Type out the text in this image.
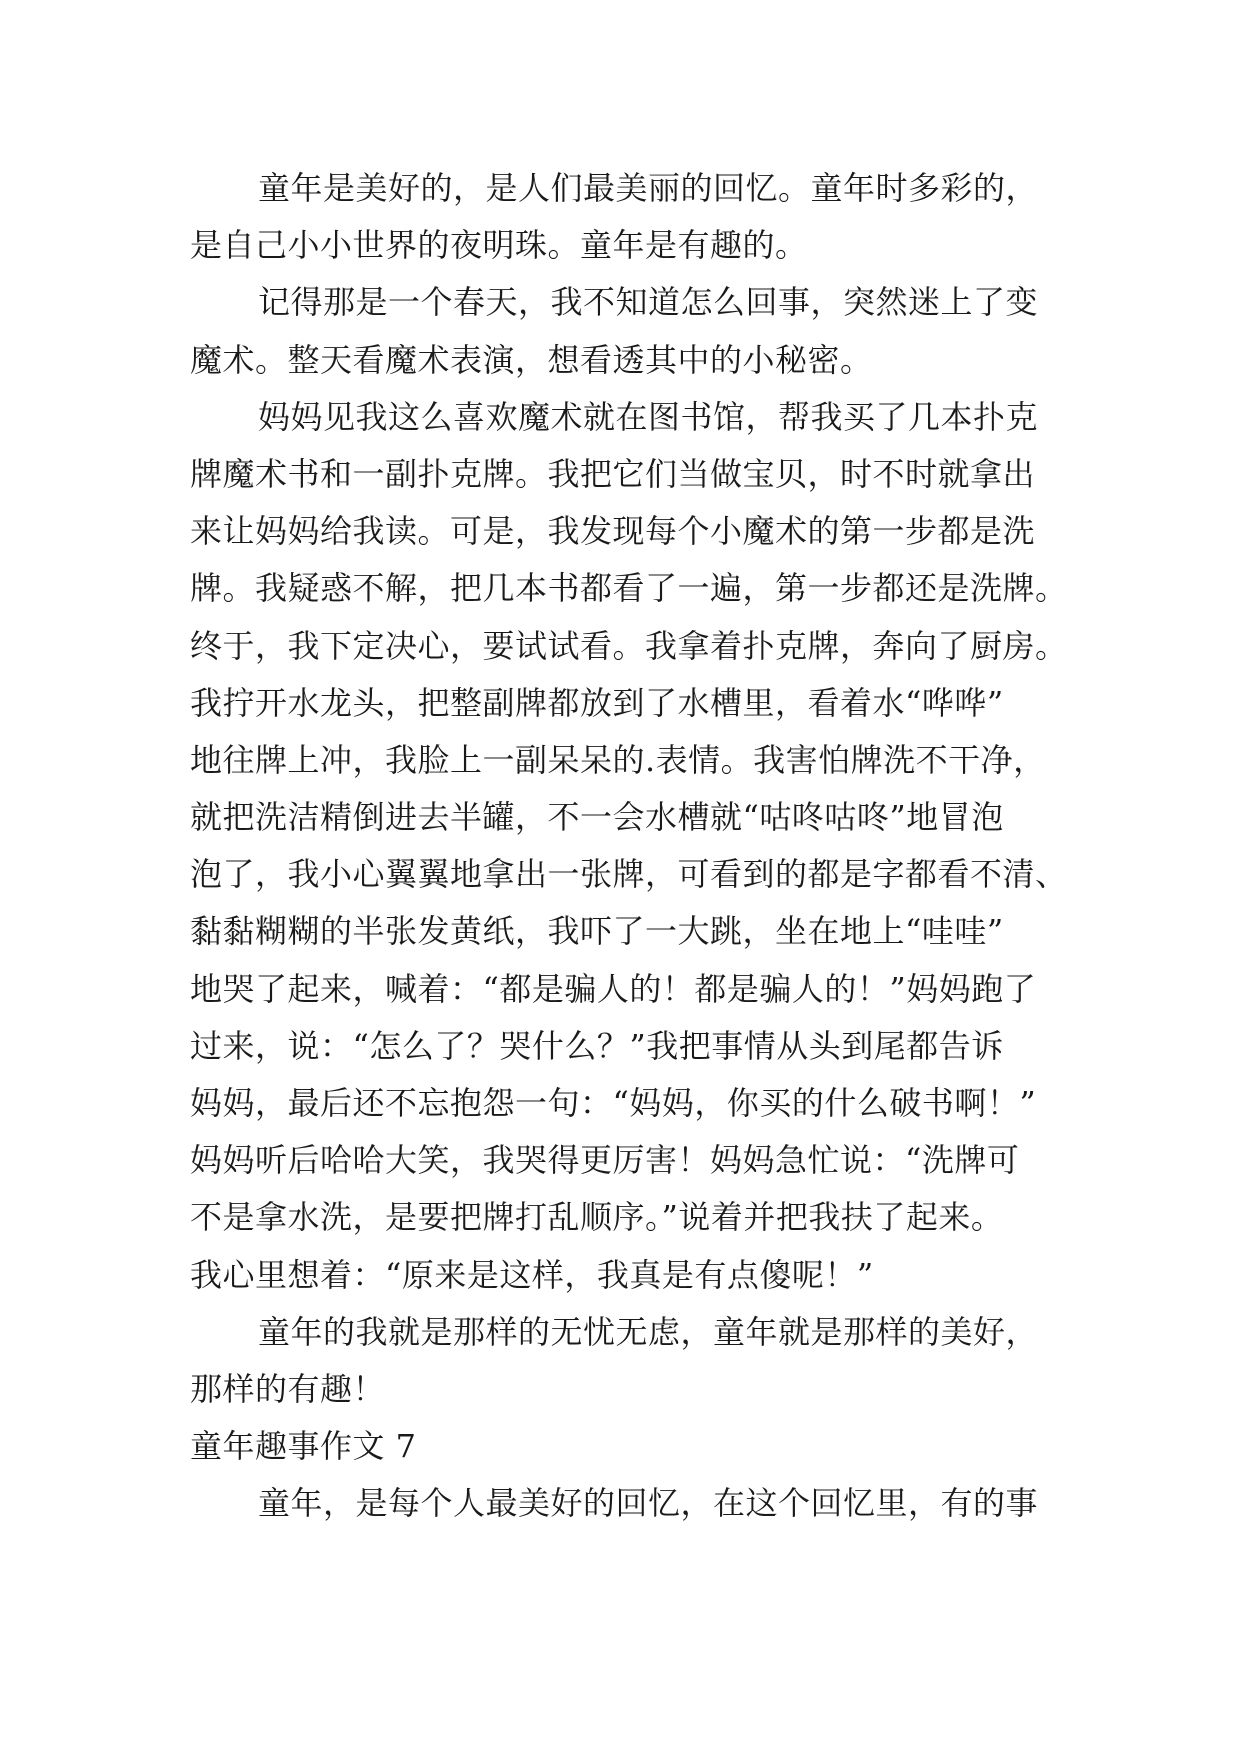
童年是美好的，是人们最美丽的回忆。童年时多彩的，
是自己小小世界的夜明珠。童年是有趣的。
记得那是一个春天，我不知道怎么回事，突然迷上了变
魔术。整天看魔术表演，想看透其中的小秘密。
妈妈见我这么喜欢魔术就在图书馆，帮我买了几本扑克
牌魔术书和一副扑克牌。我把它们当做宝贝，时不时就拿出
来让妈妈给我读。可是，我发现每个小魔术的第一步都是洗
牌。我疑惑不解，把几本书都看了一遍，第一步都还是洗牌。
终于，我下定决心，要试试看。我拿着扑克牌，奔向了厨房。
我拧开水龙头，把整副牌都放到了水槽里，看着水“哗哗”
地往牌上冲，我脸上一副呆呆的.表情。我害怕牌洗不干净，
就把洗洁精倒进去半罐，不一会水槽就“咕咚咕咚”地冒泡
泡了，我小心翼翼地拿出一张牌，可看到的都是字都看不清、
黏黏糊糊的半张发黄纸，我吓了一大跳，坐在地上“哇哇”
地哭了起来，喊着：“都是骗人的！都是骗人的！”妈妈跑了
过来，说：“怎么了？哭什么？”我把事情从头到尾都告诉
妈妈，最后还不忘抱怨一句：“妈妈，你买的什么破书啊！”
妈妈听后哈哈大笑，我哭得更厉害！妈妈急忙说：“洗牌可
不是拿水洗，是要把牌打乱顺序。”说着并把我扶了起来。
我心里想着：“原来是这样，我真是有点傻呢！”
童年的我就是那样的无忧无虑，童年就是那样的美好，
那样的有趣！
童年趣事作文 7
童年，是每个人最美好的回忆，在这个回忆里，有的事
